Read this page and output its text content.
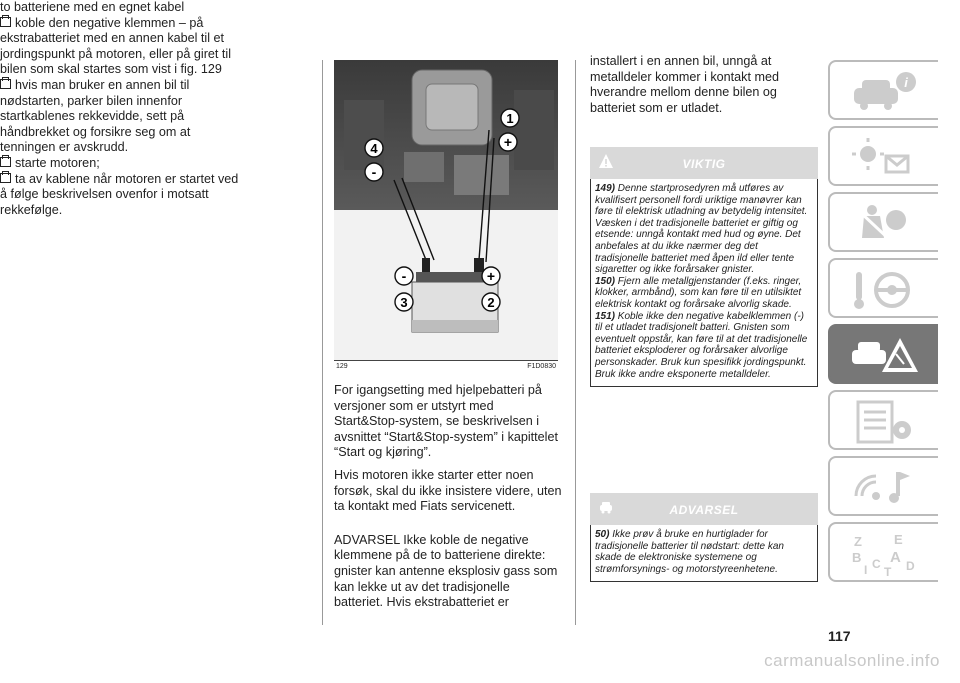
to batteriene med en egnet kabel

koble den negative klemmen – på ekstrabatteriet med en annen kabel til et jordingspunkt på motoren, eller på giret til bilen som skal startes som vist i fig. 129

hvis man bruker en annen bil til nødstarten, parker bilen innenfor startkablenes rekkevidde, sett på håndbrekket og forsikre seg om at tenningen er avskrudd.

starte motoren;

ta av kablene når motoren er startet ved å følge beskrivelsen ovenfor i motsatt rekkefølge.

1
+
4
-
-	+
3	2
129	F1D0830

For igangsetting med hjelpebatteri på versjoner som er utstyrt med Start&Stop-system, se beskrivelsen i avsnittet “Start&Stop-system” i kapittelet “Start og kjøring”.

Hvis motoren ikke starter etter noen forsøk, skal du ikke insistere videre, uten ta kontakt med Fiats servicenett.

ADVARSEL Ikke koble de negative klemmene på de to batteriene direkte: gnister kan antenne eksplosiv gass som kan lekke ut av det tradisjonelle batteriet. Hvis ekstrabatteriet er

installert i en annen bil, unngå at metalldeler kommer i kontakt med hverandre mellom denne bilen og batteriet som er utladet.

VIKTIG

149) Denne startprosedyren må utføres av kvalifisert personell fordi uriktige manøvrer kan føre til elektrisk utladning av betydelig intensitet. Væsken i det tradisjonelle batteriet er giftig og etsende: unngå kontakt med hud og øyne. Det anbefales at du ikke nærmer deg det tradisjonelle batteriet med åpen ild eller tente sigaretter og ikke forårsaker gnister.

150) Fjern alle metallgjenstander (f.eks. ringer, klokker, armbånd), som kan føre til en utilsiktet elektrisk kontakt og forårsake alvorlig skade.

151) Koble ikke den negative kabelklemmen (-) til et utladet tradisjonelt batteri. Gnisten som eventuelt oppstår, kan føre til at det tradisjonelle batteriet eksploderer og forårsaker alvorlige personskader. Bruk kun spesifikk jordingspunkt. Bruk ikke andre eksponerte metalldeler.

ADVARSEL

50) Ikke prøv å bruke en hurtiglader for tradisjonelle batterier til nødstart: dette kan skade de elektroniske systemene og strømforsynings- og motorstyreenhetene.

i
Z E
B A
I C
T D
117
carmanualsonline.info
